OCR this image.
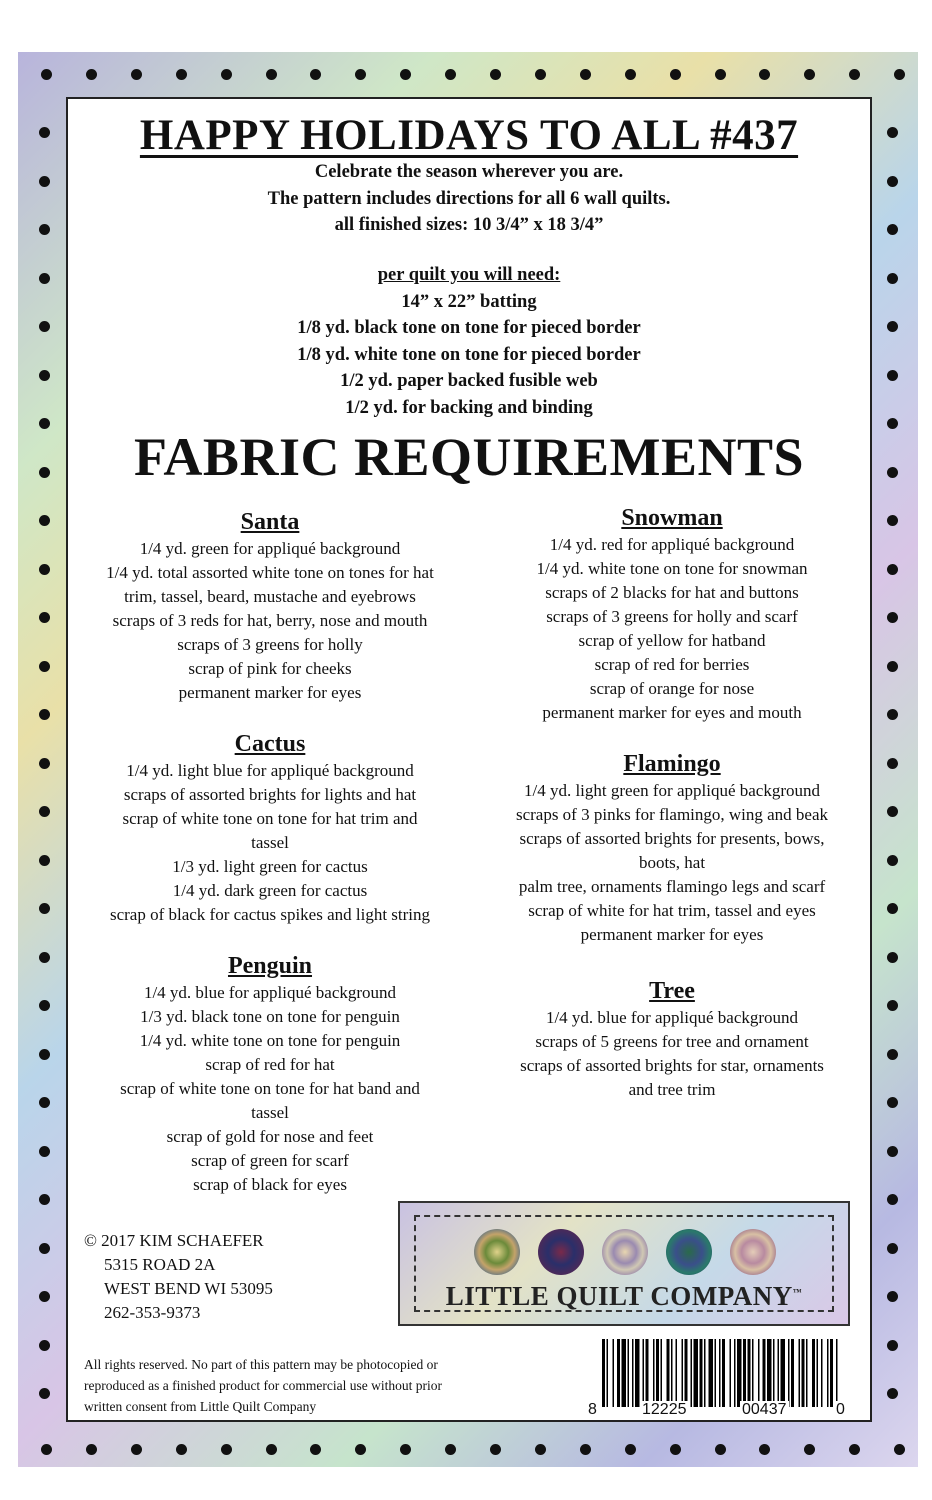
HAPPY HOLIDAYS TO ALL #437
Celebrate the season wherever you are.
The pattern includes directions for all 6 wall quilts.
all finished sizes: 10 3/4” x 18 3/4”
per quilt you will need:
14” x 22” batting
1/8 yd. black tone on tone for pieced border
1/8 yd. white tone on tone for pieced border
1/2 yd. paper backed fusible web
1/2 yd. for backing and binding
FABRIC REQUIREMENTS
Santa
1/4 yd. green for appliqué background
1/4 yd. total assorted white tone on tones for hat
trim, tassel, beard, mustache and eyebrows
scraps of 3 reds for hat, berry, nose and mouth
scraps of 3 greens for holly
scrap of pink for cheeks
permanent marker for eyes
Snowman
1/4 yd. red for appliqué background
1/4 yd. white tone on tone for snowman
scraps of 2 blacks for hat and buttons
scraps of 3 greens for holly and scarf
scrap of yellow for hatband
scrap of red for berries
scrap of orange for nose
permanent marker for eyes and mouth
Cactus
1/4 yd. light blue for appliqué background
scraps of assorted brights for lights and hat
scrap of white tone on tone for hat trim and
tassel
1/3 yd. light green for cactus
1/4 yd. dark green for cactus
scrap of black for cactus spikes and light string
Flamingo
1/4 yd. light green for appliqué background
scraps of 3 pinks for flamingo, wing and beak
scraps of assorted brights for presents, bows,
boots, hat
palm tree, ornaments flamingo legs and scarf
scrap of white for hat trim, tassel and eyes
permanent marker for eyes
Penguin
1/4 yd. blue for appliqué background
1/3 yd. black tone on tone for penguin
1/4 yd. white tone on tone for penguin
scrap of red for hat
scrap of white tone on tone for hat band and
tassel
scrap of gold for nose and feet
scrap of green for scarf
scrap of black for eyes
Tree
1/4 yd. blue for appliqué background
scraps of 5 greens for tree and ornament
scraps of assorted brights for star, ornaments
and tree trim
© 2017 KIM SCHAEFER
5315 ROAD 2A
WEST BEND WI 53095
262-353-9373
All rights reserved. No part of this pattern may be photocopied or
reproduced as a finished product for commercial use without prior
written consent from Little Quilt Company
LITTLE QUILT COMPANY™
8	12225	00437	0
